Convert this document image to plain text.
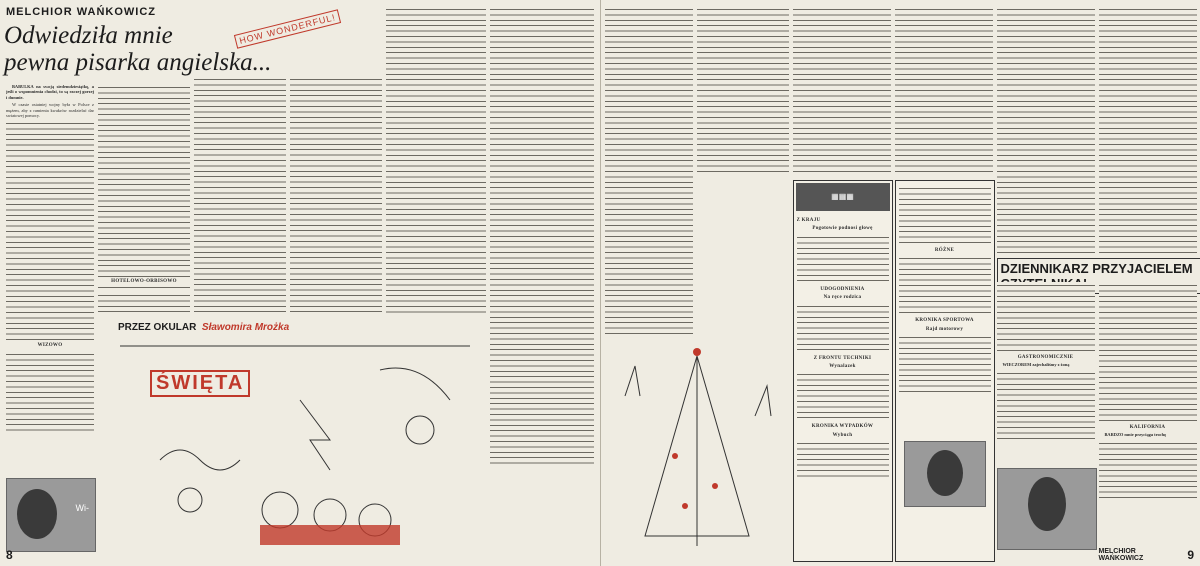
MELCHIOR WAŃKOWICZ
HOW WONDERFUL!
Odwiedziła mnie
pewna pisarka angielska...

BABULKA na swoją siedemdziesiątkę, a jeśli o wspomnienia chodzi, to są raczej gorzej i dumnie.

W czasie ostatniej wojny była w Polsce z mężem, aby z ramienia kwakrów rozdzielać dar swiatowej pomocy.

WIZOWO
HOTELOWO-ORBISOWO
PRZEZ OKULAR Sławomira Mrożka
ŚWIĘTA
Wi-
8
▦▦▦
Z KRAJU
Pogotowie podnosi głowę
UDOGODNIENIA
Na ręce rodzica
Z FRONTU TECHNIKI
Wynalazek
KRONIKA WYPADKÓW
Wybuch
RÓŻNE
KRONIKA SPORTOWA
Rajd motorowy
DZIENNIKARZ PRZYJACIELEM
GASTRONOMICZNIE

WIECZOREM zajechaliśmy z żoną

KALIFORNIA

BARDZO mnie przyciąga trochę

MELCHIOR WAŃKOWICZ	9
